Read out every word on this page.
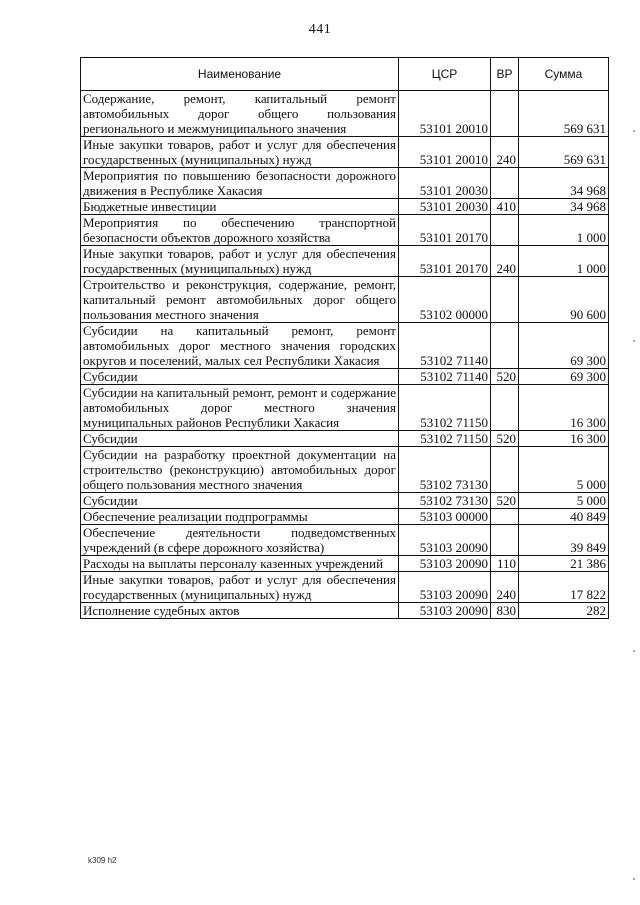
441
Наименование	ЦСР	ВР	Сумма
Содержание, ремонт, капитальный ремонт автомобильных дорог общего пользования регионального и межмуниципального значения	53101 20010		569 631
Иные закупки товаров, работ и услуг для обеспечения государственных (муниципальных) нужд	53101 20010	240	569 631
Мероприятия по повышению безопасности дорожного движения в Республике Хакасия	53101 20030		34 968
Бюджетные инвестиции	53101 20030	410	34 968
Мероприятия по обеспечению транспортной безопасности объектов дорожного хозяйства	53101 20170		1 000
Иные закупки товаров, работ и услуг для обеспечения государственных (муниципальных) нужд	53101 20170	240	1 000
Строительство и реконструкция, содержание, ремонт, капитальный ремонт автомобильных дорог общего пользования местного значения	53102 00000		90 600
Субсидии на капитальный ремонт, ремонт автомобильных дорог местного значения городских округов и поселений, малых сел Республики Хакасия	53102 71140		69 300
Субсидии	53102 71140	520	69 300
Субсидии на капитальный ремонт, ремонт и содержание автомобильных дорог местного значения муниципальных районов Республики Хакасия	53102 71150		16 300
Субсидии	53102 71150	520	16 300
Субсидии на разработку проектной документации на строительство (реконструкцию) автомобильных дорог общего пользования местного значения	53102 73130		5 000
Субсидии	53102 73130	520	5 000
Обеспечение реализации подпрограммы	53103 00000		40 849
Обеспечение деятельности подведомственных учреждений (в сфере дорожного хозяйства)	53103 20090		39 849
Расходы на выплаты персоналу казенных учреждений	53103 20090	110	21 386
Иные закупки товаров, работ и услуг для обеспечения государственных (муниципальных) нужд	53103 20090	240	17 822
Исполнение судебных актов	53103 20090	830	282
k309 h2
